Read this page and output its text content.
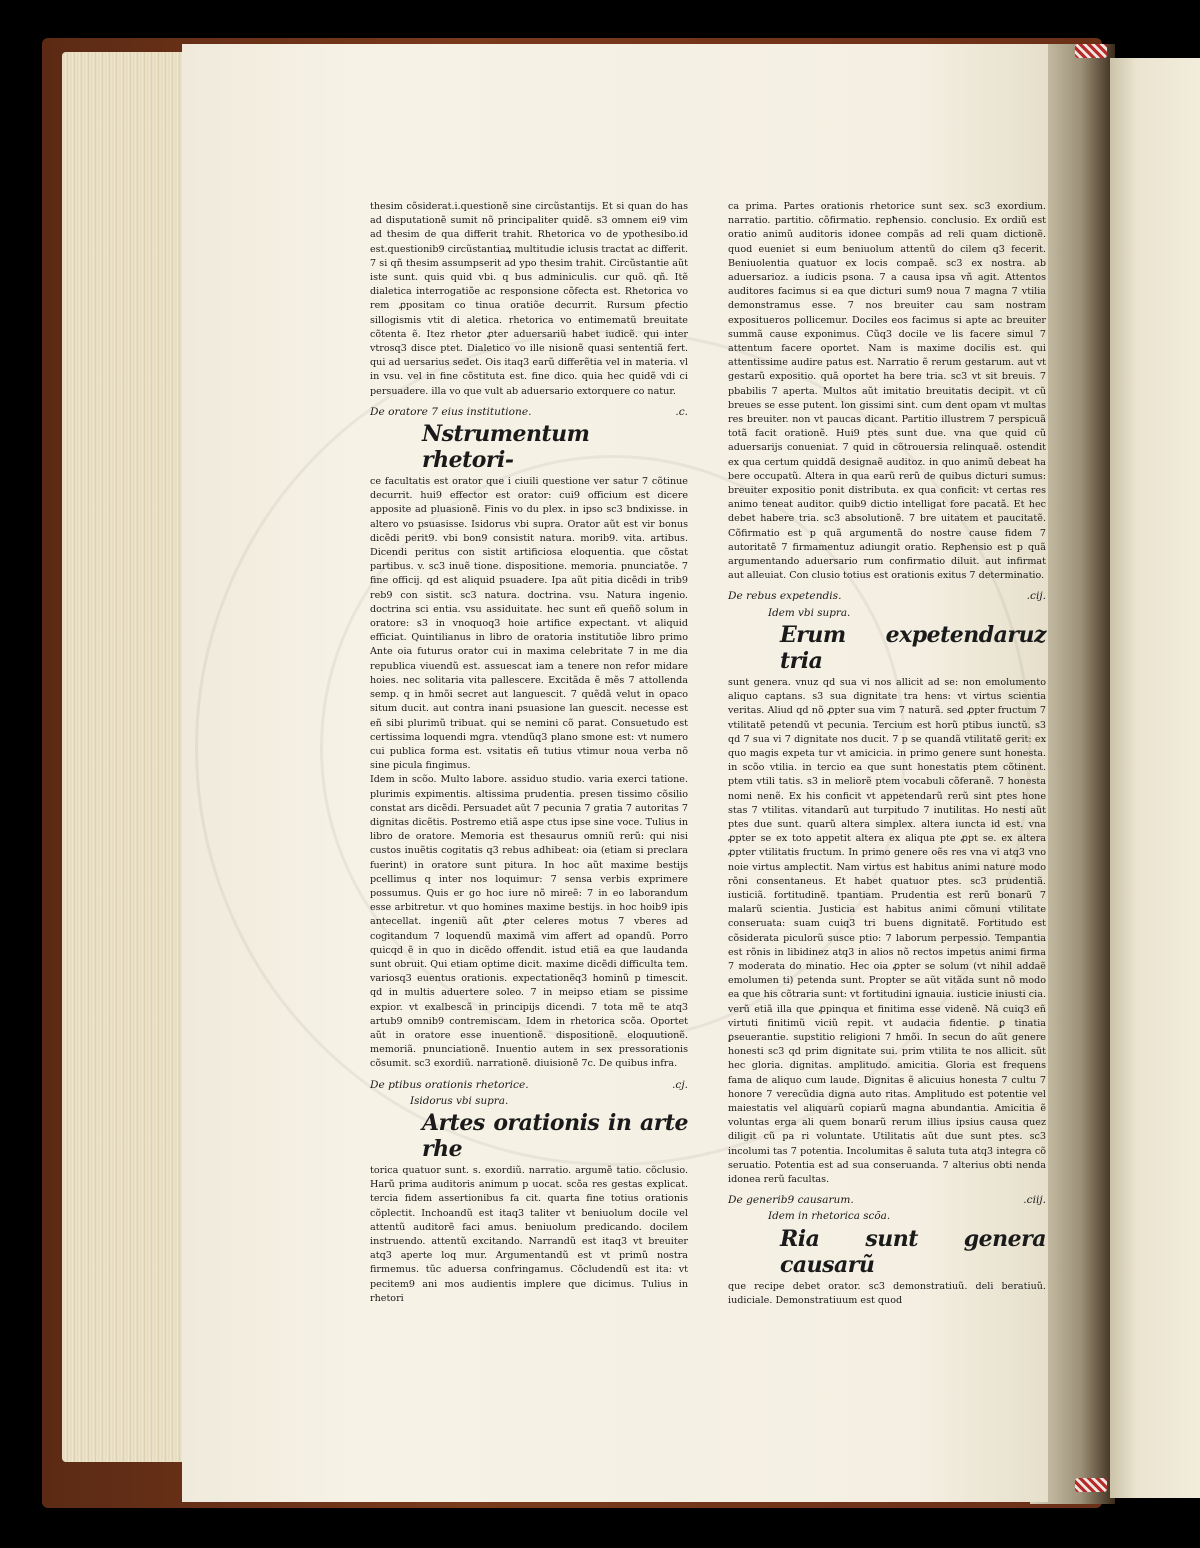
thesim cõsiderat.i.questionẽ sine circũstantijs. Et si quan do has ad disputationẽ sumit nõ principaliter quidẽ. s3 omnem ei9 vim ad thesim de qua differit trahit. Rhetorica vo de ypothesibo.id est.questionib9 circũstantiaꝝ multitudie iclusis tractat ac differit. 7 si qñ thesim assumpserit ad ypo thesim trahit. Circũstantie aũt iste sunt. quis quid vbi. q bus adminiculis. cur quõ. qñ. Itẽ dialetica interrogatiõe ac responsione cõfecta est. Rhetorica vo rem ꝓpositam co tinua oratiõe decurrit. Rursum ꝑfectio sillogismis vtit di aletica. rhetorica vo entimematũ breuitate cõtenta ẽ. Itez rhetor ꝓter aduersariũ habet iudicẽ. qui inter vtrosq3 disce ptet. Dialetico vo ille nisionẽ quasi sententiã fert. qui ad uersarius sedet. Ois itaq3 earũ differẽtia vel in materia. vl in vsu. vel in fine cõstituta est. fine dico. quia hec quidẽ vdi ci persuadere. illa vo que vult ab aduersario extorquere co natur.

De oratore 7 eius institutione.	.c.

Nstrumentum rhetori-

ce facultatis est orator que i ciuili questione ver satur 7 cõtinue decurrit. hui9 effector est orator: cui9 officium est dicere apposite ad pluasionẽ. Finis vo du plex. in ipso sc3 bndixisse. in altero vo psuasisse. Isidorus vbi supra. Orator aũt est vir bonus dicẽdi perit9. vbi bon9 consistit natura. morib9. vita. artibus. Dicendi peritus con sistit artificiosa eloquentia. que cõstat partibus. v. sc3 inuẽ tione. dispositione. memoria. pnunciatõe. 7 fine officij. qd est aliquid psuadere. Ipa aũt pitia dicẽdi in trib9 reb9 con sistit. sc3 natura. doctrina. vsu. Natura ingenio. doctrina sci entia. vsu assiduitate. hec sunt eñ queñõ solum in oratore: s3 in vnoquoq3 hoie artifice expectant. vt aliquid efficiat. Quintilianus in libro de oratoria institutiõe libro primo Ante oia futurus orator cui in maxima celebritate 7 in me dia republica viuendũ est. assuescat iam a tenere non refor midare hoies. nec solitaria vita pallescere. Excitãda ẽ mẽs 7 attollenda semp. q in hmõi secret aut languescit. 7 quẽdã velut in opaco situm ducit. aut contra inani psuasione lan guescit. necesse est eñ sibi plurimũ tribuat. qui se nemini cõ parat. Consuetudo est certissima loquendi mgra. vtendũq3 plano smone est: vt numero cui publica forma est. vsitatis eñ tutius vtimur noua verba nõ sine picula fingimus.

Idem in scõo. Multo labore. assiduo studio. varia exerci tatione. plurimis expimentis. altissima prudentia. presen tissimo cõsilio constat ars dicẽdi. Persuadet aũt 7 pecunia 7 gratia 7 autoritas 7 dignitas dicẽtis. Postremo etiã aspe ctus ipse sine voce. Tulius in libro de oratore. Memoria est thesaurus omniũ rerũ: qui nisi custos inuẽtis cogitatis q3 rebus adhibeat: oia (etiam si preclara fuerint) in oratore sunt pitura. In hoc aũt maxime bestijs pcellimus q inter nos loquimur: 7 sensa verbis exprimere possumus. Quis er go hoc iure nõ mireẽ: 7 in eo laborandum esse arbitretur. vt quo homines maxime bestijs. in hoc hoib9 ipis antecellat. ingeniũ aũt ꝓter celeres motus 7 vberes ad cogitandum 7 loquendũ maximã vim affert ad opandũ. Porro quicqd ẽ in quo in dicẽdo offendit. istud etiã ea que laudanda sunt obruit. Qui etiam optime dicit. maxime dicẽdi difficulta tem. variosq3 euentus orationis. expectationẽq3 hominũ p timescit. qd in multis aduertere soleo. 7 in meipso etiam se pissime expior. vt exalbescã in principijs dicendi. 7 tota mẽ te atq3 artub9 omnib9 contremiscam. Idem in rhetorica scõa. Oportet aũt in oratore esse inuentionẽ. dispositionẽ. eloquutionẽ. memoriã. pnunciationẽ. Inuentio autem in sex pressorationis cõsumit. sc3 exordiũ. narrationẽ. diuisionẽ 7c. De quibus infra.

De ptibus orationis rhetorice.	.cj.

Isidorus vbi supra.

Artes orationis in arte rhe

torica quatuor sunt. s. exordiũ. narratio. argumẽ tatio. cõclusio. Harũ prima auditoris animum p uocat. scõa res gestas explicat. tercia fidem assertionibus fa cit. quarta fine totius orationis cõplectit. Inchoandũ est itaq3 taliter vt beniuolum docile vel attentũ auditorẽ faci amus. beniuolum predicando. docilem instruendo. attentũ excitando. Narrandũ est itaq3 vt breuiter atq3 aperte loq mur. Argumentandũ est vt primũ nostra firmemus. tũc aduersa confringamus. Cõcludendũ est ita: vt pecitem9 ani mos audientis implere que dicimus. Tulius in rhetori

ca prima. Partes orationis rhetorice sunt sex. sc3 exordium. narratio. partitio. cõfirmatio. repħensio. conclusio. Ex ordiũ est oratio animũ auditoris idonee compãs ad reli quam dictionẽ. quod eueniet si eum beniuolum attentũ do cilem q3 fecerit. Beniuolentia quatuor ex locis compaẽ. sc3 ex nostra. ab aduersarioz. a iudicis psona. 7 a causa ipsa vñ agit. Attentos auditores facimus si ea que dicturi sum9 noua 7 magna 7 vtilia demonstramus esse. 7 nos breuiter cau sam nostram expositueros pollicemur. Dociles eos facimus si apte ac breuiter summã cause exponimus. Cũq3 docile ve lis facere simul 7 attentum facere oportet. Nam is maxime docilis est. qui attentissime audire patus est. Narratio ẽ rerum gestarum. aut vt gestarũ expositio. quã oportet ha bere tria. sc3 vt sit breuis. 7 pbabilis 7 aperta. Multos aũt imitatio breuitatis decipit. vt cũ breues se esse putent. lon gissimi sint. cum dent opam vt multas res breuiter. non vt paucas dicant. Partitio illustrem 7 perspicuã totã facit orationẽ. Hui9 ptes sunt due. vna que quid cũ aduersarijs conueniat. 7 quid in cõtrouersia relinquaẽ. ostendit ex qua certum quiddã designaẽ auditoz. in quo animũ debeat ha bere occupatũ. Altera in qua earũ rerũ de quibus dicturi sumus: breuiter expositio ponit distributa. ex qua conficit: vt certas res animo teneat auditor. quib9 dictio intelligat fore pacatã. Et hec debet habere tria. sc3 absolutionẽ. 7 bre uitatem et paucitatẽ. Cõfirmatio est p quã argumentã do nostre cause fidem 7 autoritatẽ 7 firmamentuz adiungit oratio. Repħensio est p quã argumentando aduersario rum confirmatio diluit. aut infirmat aut alleuiat. Con clusio totius est orationis exitus 7 determinatio.

De rebus expetendis.	.cij.

Idem vbi supra.

Erum expetendaruz tria

sunt genera. vnuz qd sua vi nos allicit ad se: non emolumento aliquo captans. s3 sua dignitate tra hens: vt virtus scientia veritas. Aliud qd nõ ꝓpter sua vim 7 naturã. sed ꝓpter fructum 7 vtilitatẽ petendũ vt pecunia. Tercium est horũ ptibus iunctũ. s3 qd 7 sua vi 7 dignitate nos ducit. 7 p se quandã vtilitatẽ gerit: ex quo magis expeta tur vt amicicia. in primo genere sunt honesta. in scõo vtilia. in tercio ea que sunt honestatis ptem cõtinent. ptem vtili tatis. s3 in meliorẽ ptem vocabuli cõferanẽ. 7 honesta nomi nenẽ. Ex his conficit vt appetendarũ rerũ sint ptes hone stas 7 vtilitas. vitandarũ aut turpitudo 7 inutilitas. Ho nesti aũt ptes due sunt. quarũ altera simplex. altera iuncta id est. vna ꝓpter se ex toto appetit altera ex aliqua pte ꝓpt se. ex altera ꝓpter vtilitatis fructum. In primo genere oẽs res vna vi atq3 vno noie virtus amplectit. Nam virtus est habitus animi nature modo rõni consentaneus. Et habet quatuor ptes. sc3 prudentiã. iusticiã. fortitudinẽ. tpantiam. Prudentia est rerũ bonarũ 7 malarũ scientia. Justicia est habitus animi cõmuni vtilitate conseruata: suam cuiq3 tri buens dignitatẽ. Fortitudo est cõsiderata piculorũ susce ptio: 7 laborum perpessio. Tempantia est rõnis in libidinez atq3 in alios nõ rectos impetus animi firma 7 moderata do minatio. Hec oia ꝓpter se solum (vt nihil addaẽ emolumen ti) petenda sunt. Propter se aũt vitãda sunt nõ modo ea que his cõtraria sunt: vt fortitudini ignauia. iusticie iniusti cia. verũ etiã illa que ꝓpinqua et finitima esse videnẽ. Nã cuiq3 eñ virtuti finitimũ viciũ repit. vt audacia fidentie. ꝑ tinatia ꝑseuerantie. supstitio religioni 7 hmõi. In secun do aũt genere honesti sc3 qd prim dignitate sui. prim vtilita te nos allicit. sũt hec gloria. dignitas. amplitudo. amicitia. Gloria est frequens fama de aliquo cum laude. Dignitas ẽ alicuius honesta 7 cultu 7 honore 7 verecũdia digna auto ritas. Amplitudo est potentie vel maiestatis vel aliquarũ copiarũ magna abundantia. Amicitia ẽ voluntas erga ali quem bonarũ rerum illius ipsius causa quez diligit cũ pa ri voluntate. Utilitatis aũt due sunt ptes. sc3 incolumi tas 7 potentia. Incolumitas ẽ saluta tuta atq3 integra cõ seruatio. Potentia est ad sua conseruanda. 7 alterius obti nenda idonea rerũ facultas.

De generib9 causarum.	.ciij.

Idem in rhetorica scõa.

Ria sunt genera causarũ

que recipe debet orator. sc3 demonstratiuũ. deli beratiuũ. iudiciale. Demonstratiuum est quod
